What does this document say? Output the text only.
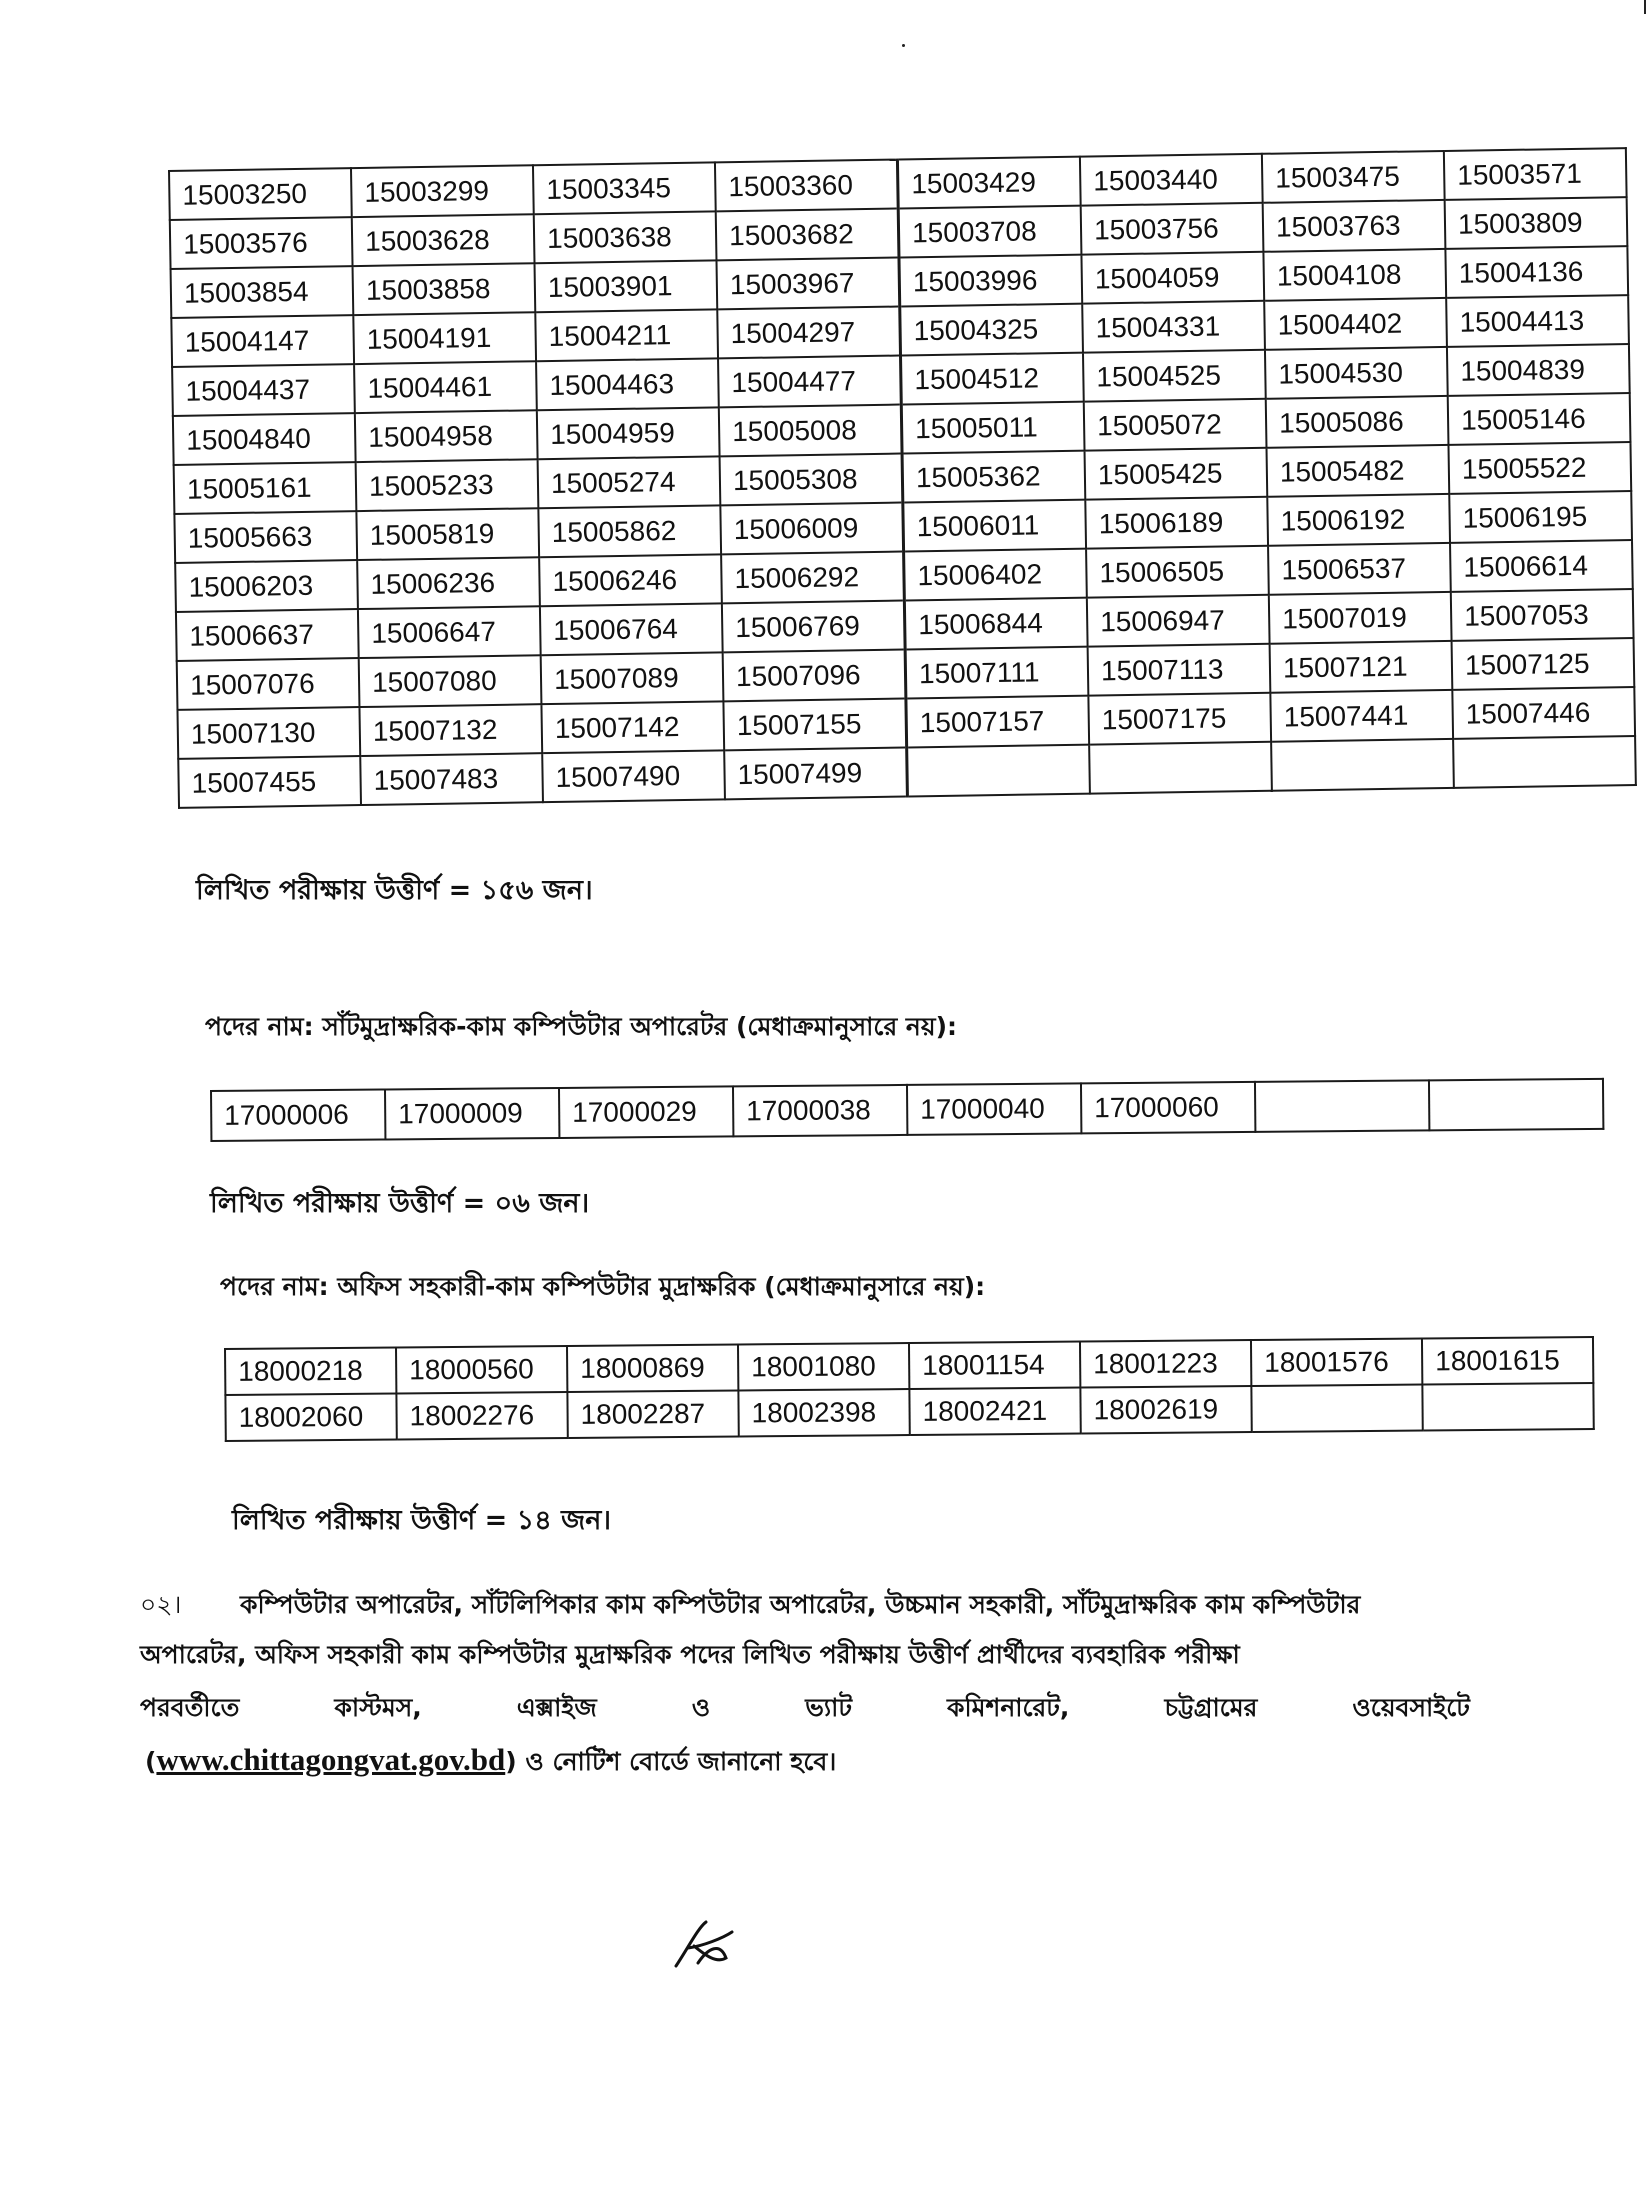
15003250	15003299	15003345	15003360	15003429	15003440	15003475	15003571
15003576	15003628	15003638	15003682	15003708	15003756	15003763	15003809
15003854	15003858	15003901	15003967	15003996	15004059	15004108	15004136
15004147	15004191	15004211	15004297	15004325	15004331	15004402	15004413
15004437	15004461	15004463	15004477	15004512	15004525	15004530	15004839
15004840	15004958	15004959	15005008	15005011	15005072	15005086	15005146
15005161	15005233	15005274	15005308	15005362	15005425	15005482	15005522
15005663	15005819	15005862	15006009	15006011	15006189	15006192	15006195
15006203	15006236	15006246	15006292	15006402	15006505	15006537	15006614
15006637	15006647	15006764	15006769	15006844	15006947	15007019	15007053
15007076	15007080	15007089	15007096	15007111	15007113	15007121	15007125
15007130	15007132	15007142	15007155	15007157	15007175	15007441	15007446
15007455	15007483	15007490	15007499				
লিখিত পরীক্ষায় উত্তীর্ণ = ১৫৬ জন।
পদের নাম: সাঁটমুদ্রাক্ষরিক-কাম কম্পিউটার অপারেটর (মেধাক্রমানুসারে নয়):
17000006	17000009	17000029	17000038	17000040	17000060		
লিখিত পরীক্ষায় উত্তীর্ণ = ০৬ জন।
পদের নাম: অফিস সহকারী-কাম কম্পিউটার মুদ্রাক্ষরিক (মেধাক্রমানুসারে নয়):
18000218	18000560	18000869	18001080	18001154	18001223	18001576	18001615
18002060	18002276	18002287	18002398	18002421	18002619		
লিখিত পরীক্ষায় উত্তীর্ণ = ১৪ জন।
০২। কম্পিউটার অপারেটর, সাঁটলিপিকার কাম কম্পিউটার অপারেটর, উচ্চমান সহকারী, সাঁটমুদ্রাক্ষরিক কাম কম্পিউটার
অপারেটর, অফিস সহকারী কাম কম্পিউটার মুদ্রাক্ষরিক পদের লিখিত পরীক্ষায় উত্তীর্ণ প্রার্থীদের ব্যবহারিক পরীক্ষা
পরবর্তীতে	কাস্টমস,	এক্সাইজ	ও	ভ্যাট	কমিশনারেট,	চট্টগ্রামের	ওয়েবসাইটে
(www.chittagongvat.gov.bd) ও নোটিশ বোর্ডে জানানো হবে।
